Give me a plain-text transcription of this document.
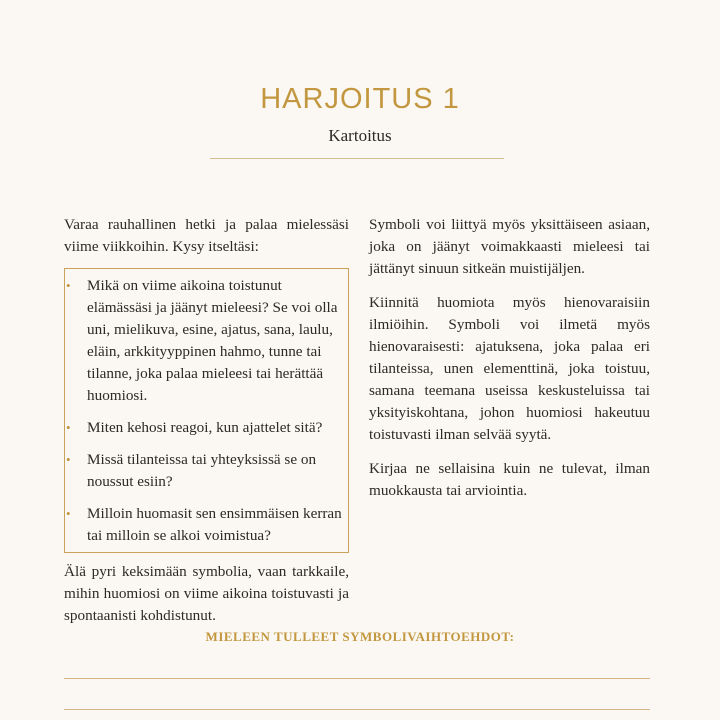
HARJOITUS 1
Kartoitus

Varaa rauhallinen hetki ja palaa mielessäsi viime viikkoihin. Kysy itseltäsi:

• Mikä on viime aikoina toistunut elämässäsi ja jäänyt mieleesi? Se voi olla uni, mielikuva, esine, ajatus, sana, laulu, eläin, arkkityyppinen hahmo, tunne tai tilanne, joka palaa mieleesi tai herättää huomiosi.
• Miten kehosi reagoi, kun ajattelet sitä?
• Missä tilanteissa tai yhteyksissä se on noussut esiin?
• Milloin huomasit sen ensimmäisen kerran tai milloin se alkoi voimistua?

Älä pyri keksimään symbolia, vaan tarkkaile, mihin huomiosi on viime aikoina toistuvasti ja spontaanisti kohdistunut.

Symboli voi liittyä myös yksittäiseen asiaan, joka on jäänyt voimakkaasti mieleesi tai jättänyt sinuun sitkeän muistijäljen.

Kiinnitä huomiota myös hienovaraisiin ilmiöihin. Symboli voi ilmetä myös hienovaraisesti: ajatuksena, joka palaa eri tilanteissa, unen elementtinä, joka toistuu, samana teemana useissa keskusteluissa tai yksityiskohtana, johon huomiosi hakeutuu toistuvasti ilman selvää syytä.

Kirjaa ne sellaisina kuin ne tulevat, ilman muokkausta tai arviointia.

MIELEEN TULLEET SYMBOLIVAIHTOEHDOT:
